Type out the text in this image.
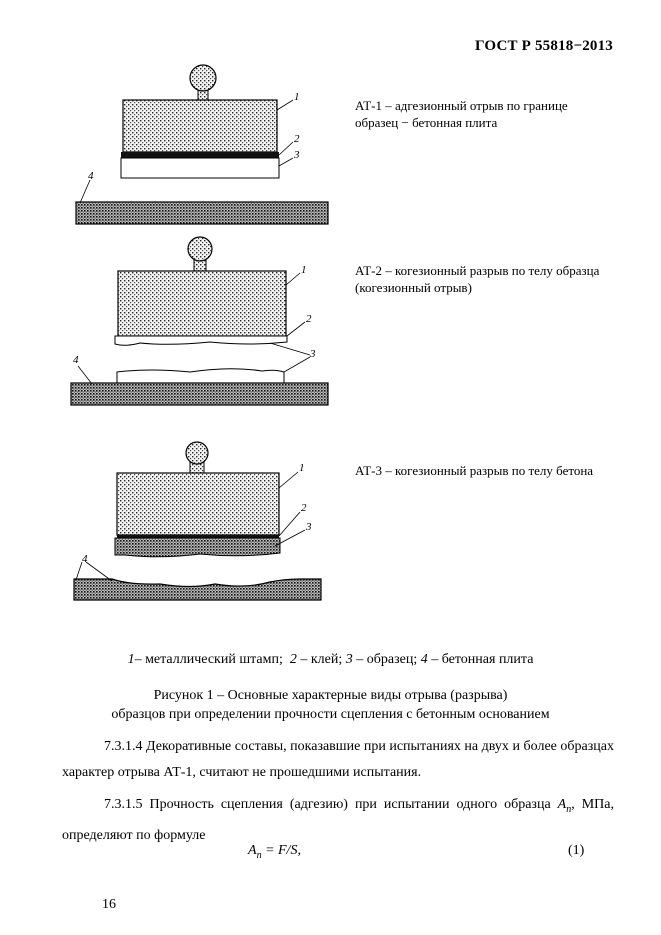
ГОСТ Р 55818−2013
1
2
3
4
1
2
3
4
1
2
3
4
АТ-1 – адгезионный отрыв по границе
образец − бетонная плита
АТ-2 – когезионный разрыв по телу образца
(когезионный отрыв)
АТ-3 – когезионный разрыв по телу бетона
1– металлический штамп; 2 – клей; 3 – образец; 4 – бетонная плита
Рисунок 1 – Основные характерные виды отрыва (разрыва)
образцов при определении прочности сцепления с бетонным основанием
7.3.1.4 Декоративные составы, показавшие при испытаниях на двух и более образцах характер отрыва АТ-1, считают не прошедшими испытания.
7.3.1.5 Прочность сцепления (адгезию) при испытании одного образца $A_n$, МПа, определяют по формуле
$A_n = F/S$,	(1)
16
